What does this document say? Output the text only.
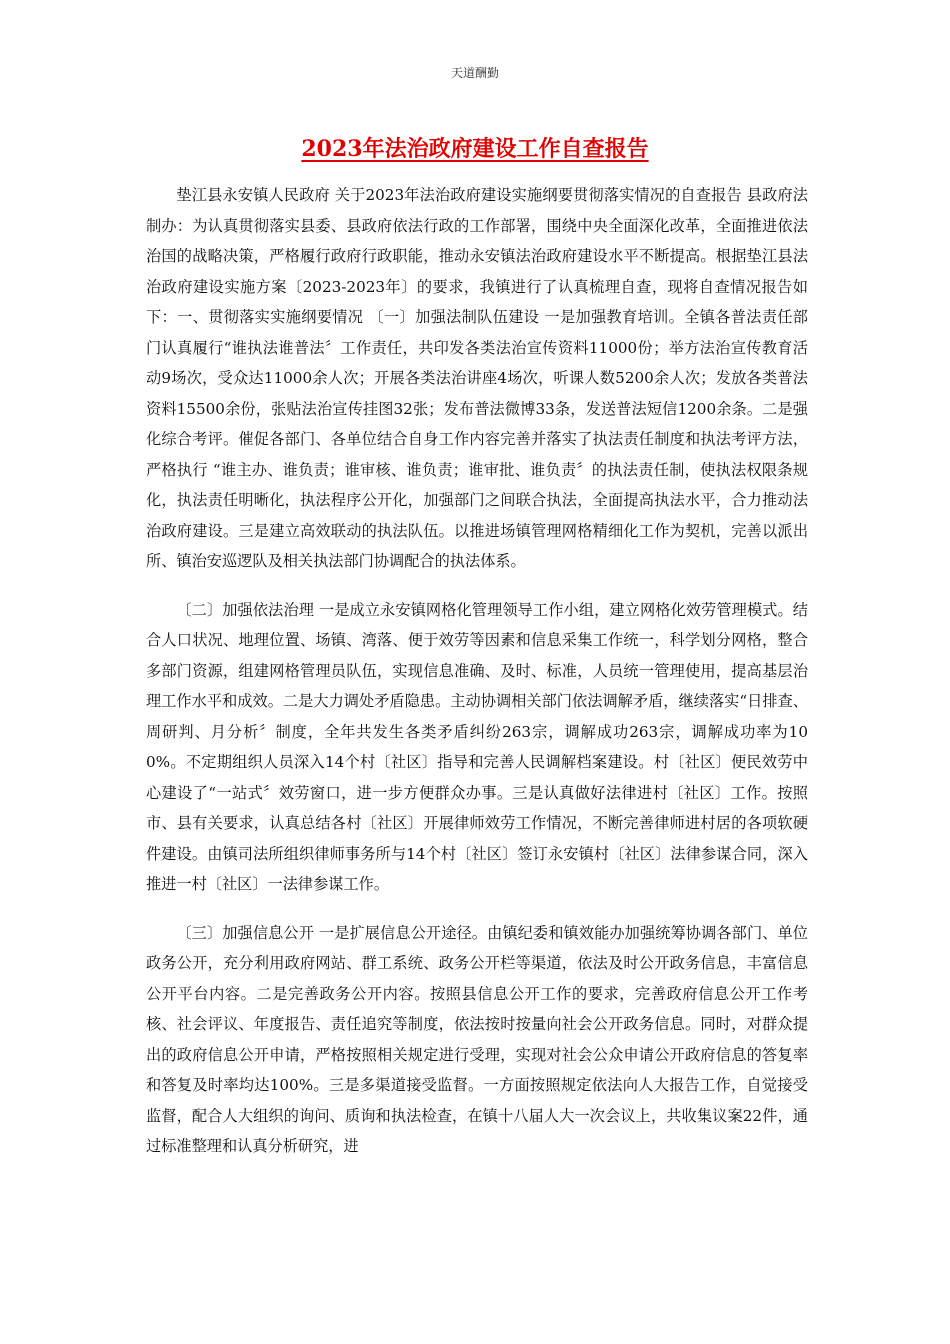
天道酬勤
2023年法治政府建设工作自查报告

垫江县永安镇人民政府 关于2023年法治政府建设实施纲要贯彻落实情况的自查报告 县政府法制办：为认真贯彻落实县委、县政府依法行政的工作部署，围绕中央全面深化改革，全面推进依法治国的战略决策，严格履行政府行政职能，推动永安镇法治政府建设水平不断提高。根据垫江县法治政府建设实施方案〔2023-2023年〕的要求，我镇进行了认真梳理自查，现将自查情况报告如下：一、贯彻落实实施纲要情况 〔一〕加强法制队伍建设 一是加强教育培训。全镇各普法责任部门认真履行“谁执法谁普法〞工作责任，共印发各类法治宣传资料11000份；举方法治宣传教育活动9场次，受众达11000余人次；开展各类法治讲座4场次，听课人数5200余人次；发放各类普法资料15500余份，张贴法治宣传挂图32张；发布普法微博33条，发送普法短信1200余条。二是强化综合考评。催促各部门、各单位结合自身工作内容完善并落实了执法责任制度和执法考评方法，严格执行 “谁主办、谁负责；谁审核、谁负责；谁审批、谁负责〞的执法责任制，使执法权限条规化，执法责任明晰化，执法程序公开化，加强部门之间联合执法，全面提高执法水平，合力推动法治政府建设。三是建立高效联动的执法队伍。以推进场镇管理网格精细化工作为契机，完善以派出所、镇治安巡逻队及相关执法部门协调配合的执法体系。

〔二〕加强依法治理 一是成立永安镇网格化管理领导工作小组，建立网格化效劳管理模式。结合人口状况、地理位置、场镇、湾落、便于效劳等因素和信息采集工作统一，科学划分网格，整合多部门资源，组建网格管理员队伍，实现信息准确、及时、标准，人员统一管理使用，提高基层治理工作水平和成效。二是大力调处矛盾隐患。主动协调相关部门依法调解矛盾，继续落实“日排查、周研判、月分析〞制度，全年共发生各类矛盾纠纷263宗，调解成功263宗，调解成功率为100%。不定期组织人员深入14个村〔社区〕指导和完善人民调解档案建设。村〔社区〕便民效劳中心建设了“一站式〞效劳窗口，进一步方便群众办事。三是认真做好法律进村〔社区〕工作。按照市、县有关要求，认真总结各村〔社区〕开展律师效劳工作情况，不断完善律师进村居的各项软硬件建设。由镇司法所组织律师事务所与14个村〔社区〕签订永安镇村〔社区〕法律参谋合同，深入推进一村〔社区〕一法律参谋工作。

〔三〕加强信息公开 一是扩展信息公开途径。由镇纪委和镇效能办加强统筹协调各部门、单位政务公开，充分利用政府网站、群工系统、政务公开栏等渠道，依法及时公开政务信息，丰富信息公开平台内容。二是完善政务公开内容。按照县信息公开工作的要求，完善政府信息公开工作考核、社会评议、年度报告、责任追究等制度，依法按时按量向社会公开政务信息。同时，对群众提出的政府信息公开申请，严格按照相关规定进行受理，实现对社会公众申请公开政府信息的答复率和答复及时率均达100%。三是多渠道接受监督。一方面按照规定依法向人大报告工作，自觉接受监督，配合人大组织的询问、质询和执法检查，在镇十八届人大一次会议上，共收集议案22件，通过标准整理和认真分析研究，进
